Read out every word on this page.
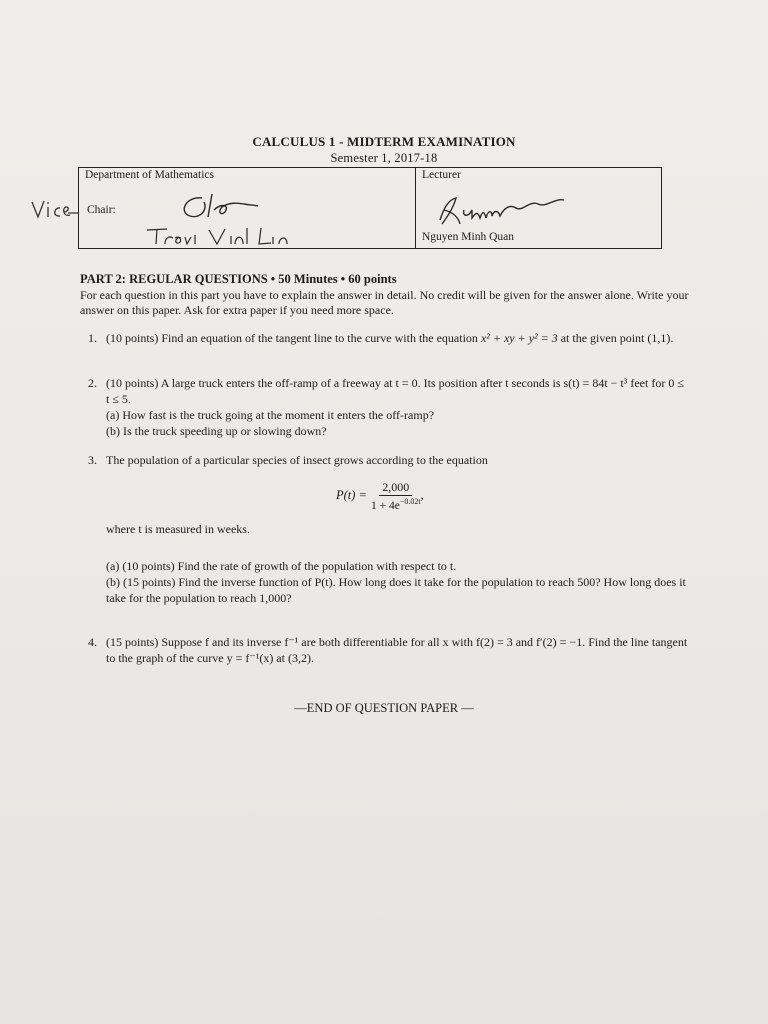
CALCULUS 1 - MIDTERM EXAMINATION
Semester 1, 2017-18
Department of Mathematics
Chair:

Lecturer
Nguyen Minh Quan
PART 2: REGULAR QUESTIONS • 50 Minutes • 60 points
For each question in this part you have to explain the answer in detail. No credit will be given for the answer alone. Write your answer on this paper. Ask for extra paper if you need more space.
1. (10 points) Find an equation of the tangent line to the curve with the equation x² + xy + y² = 3 at the given point (1,1).
2. (10 points) A large truck enters the off-ramp of a freeway at t = 0. Its position after t seconds is s(t) = 84t − t³ feet for 0 ≤ t ≤ 5.
(a) How fast is the truck going at the moment it enters the off-ramp?
(b) Is the truck speeding up or slowing down?
3. The population of a particular species of insect grows according to the equation
$P(t) = \frac{2,000}{1 + 4e^{-0.02t}}$ ,
where t is measured in weeks.
(a) (10 points) Find the rate of growth of the population with respect to t.
(b) (15 points) Find the inverse function of P(t). How long does it take for the population to reach 500? How long does it take for the population to reach 1,000?
4. (15 points) Suppose f and its inverse f⁻¹ are both differentiable for all x with f(2) = 3 and f′(2) = −1. Find the line tangent to the graph of the curve y = f⁻¹(x) at (3,2).
—END OF QUESTION PAPER —
